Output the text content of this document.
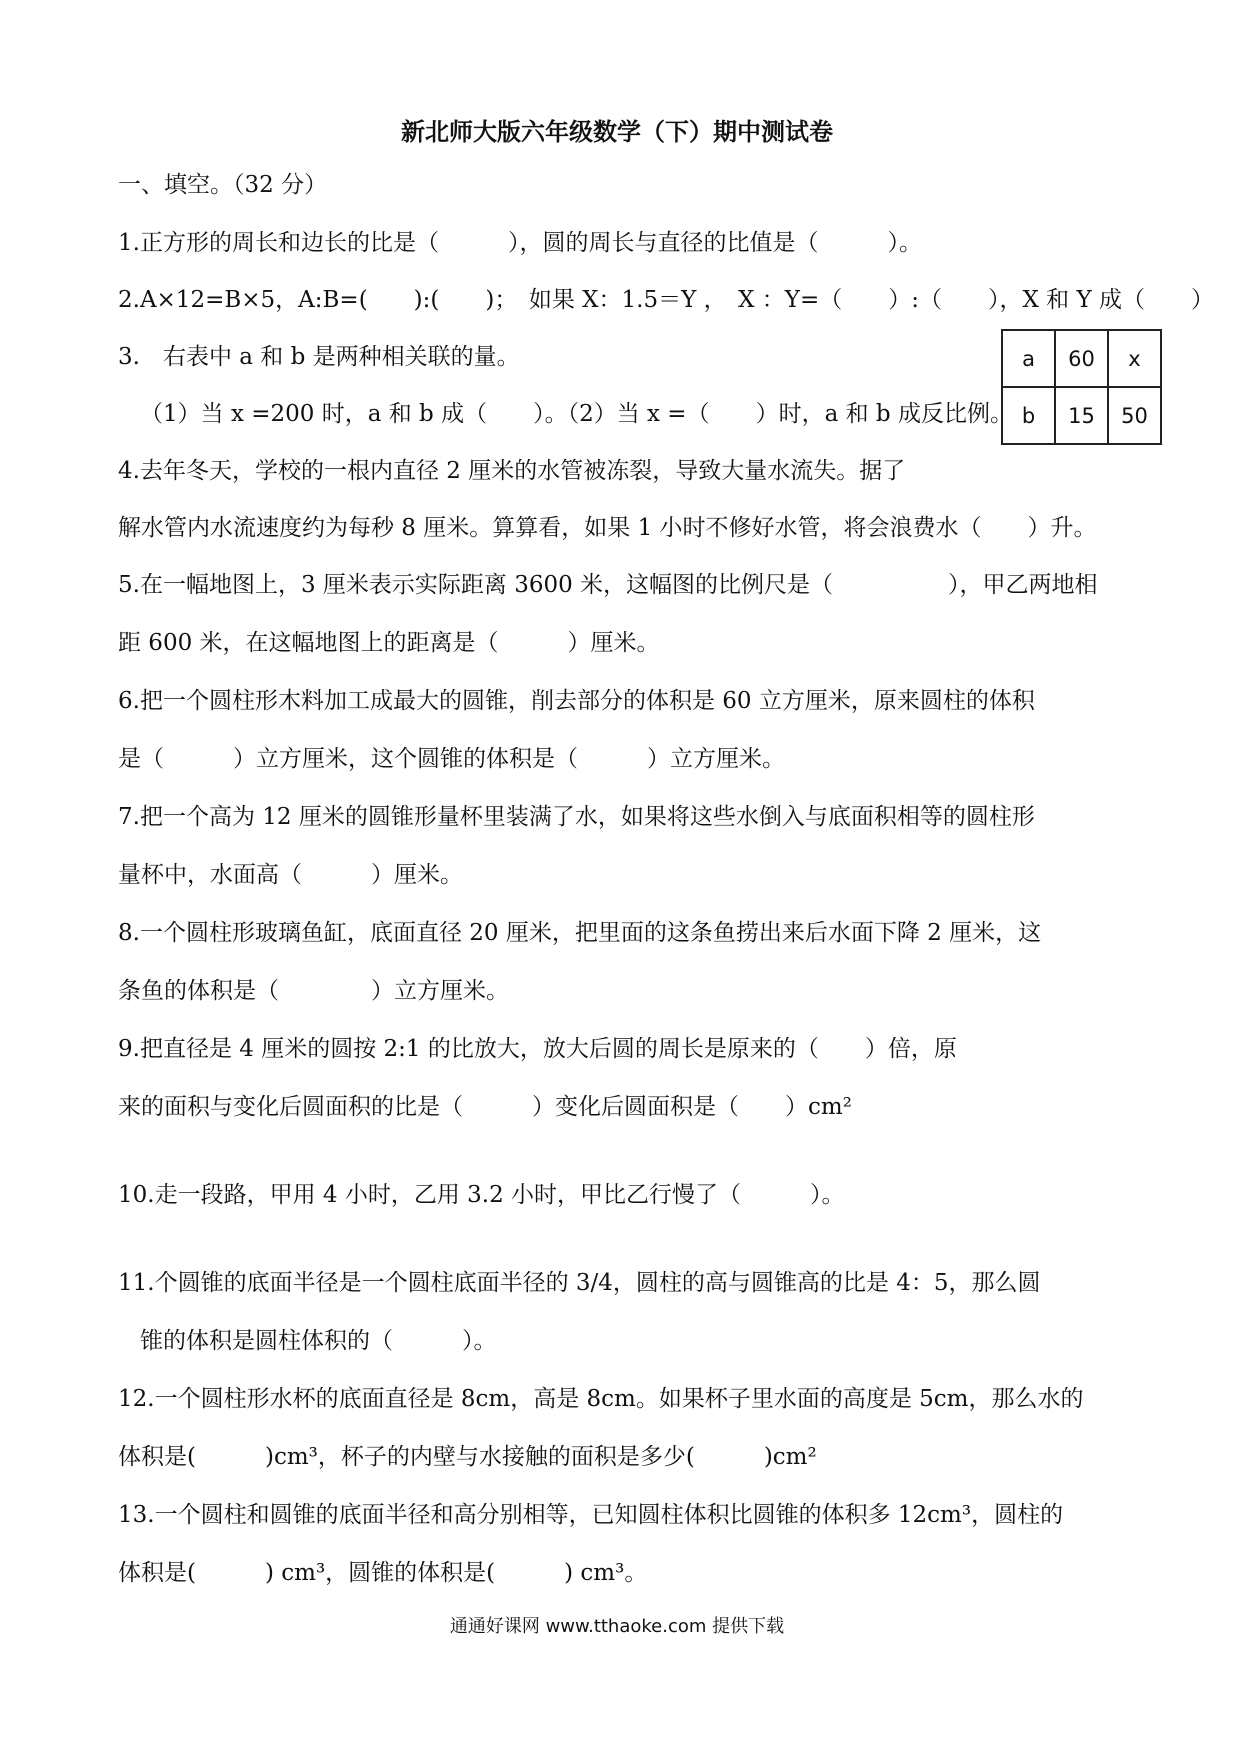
新北师大版六年级数学（下）期中测试卷
一、填空。（32 分）
1.正方形的周长和边长的比是（　　　），圆的周长与直径的比值是（　　　）。
2.A×12=B×5，A:B=(　　):(　　)；　如果 X：1.5＝Y ，　X ：Y=（　　）:（　　），X 和 Y 成（　　）
3.　右表中 a 和 b 是两种相关联的量。
（1）当 x =200 时，a 和 b 成（　　）。（2）当 x =（　　）时，a 和 b 成反比例。
4.去年冬天，学校的一根内直径 2 厘米的水管被冻裂，导致大量水流失。据了
解水管内水流速度约为每秒 8 厘米。算算看，如果 1 小时不修好水管，将会浪费水（　　）升。
5.在一幅地图上，3 厘米表示实际距离 3600 米，这幅图的比例尺是（　　　　　），甲乙两地相
距 600 米，在这幅地图上的距离是（　　　）厘米。
6.把一个圆柱形木料加工成最大的圆锥，削去部分的体积是 60 立方厘米，原来圆柱的体积
是（　　　）立方厘米，这个圆锥的体积是（　　　）立方厘米。
7.把一个高为 12 厘米的圆锥形量杯里装满了水，如果将这些水倒入与底面积相等的圆柱形
量杯中，水面高（　　　）厘米。
8.一个圆柱形玻璃鱼缸，底面直径 20 厘米，把里面的这条鱼捞出来后水面下降 2 厘米，这
条鱼的体积是（　　　　）立方厘米。
9.把直径是 4 厘米的圆按 2:1 的比放大，放大后圆的周长是原来的（　　）倍，原
来的面积与变化后圆面积的比是（　　　）变化后圆面积是（　　）cm²
10.走一段路，甲用 4 小时，乙用 3.2 小时，甲比乙行慢了（　　　）。
11.个圆锥的底面半径是一个圆柱底面半径的 3/4，圆柱的高与圆锥高的比是 4：5，那么圆
锥的体积是圆柱体积的（　　　）。
12.一个圆柱形水杯的底面直径是 8cm，高是 8cm。如果杯子里水面的高度是 5cm，那么水的
体积是(　　　)cm³，杯子的内壁与水接触的面积是多少(　　　)cm²
13.一个圆柱和圆锥的底面半径和高分别相等，已知圆柱体积比圆锥的体积多 12cm³，圆柱的
体积是(　　　) cm³，圆锥的体积是(　　　) cm³。
a	60	x
b	15	50
通通好课网 www.tthaoke.com 提供下载
